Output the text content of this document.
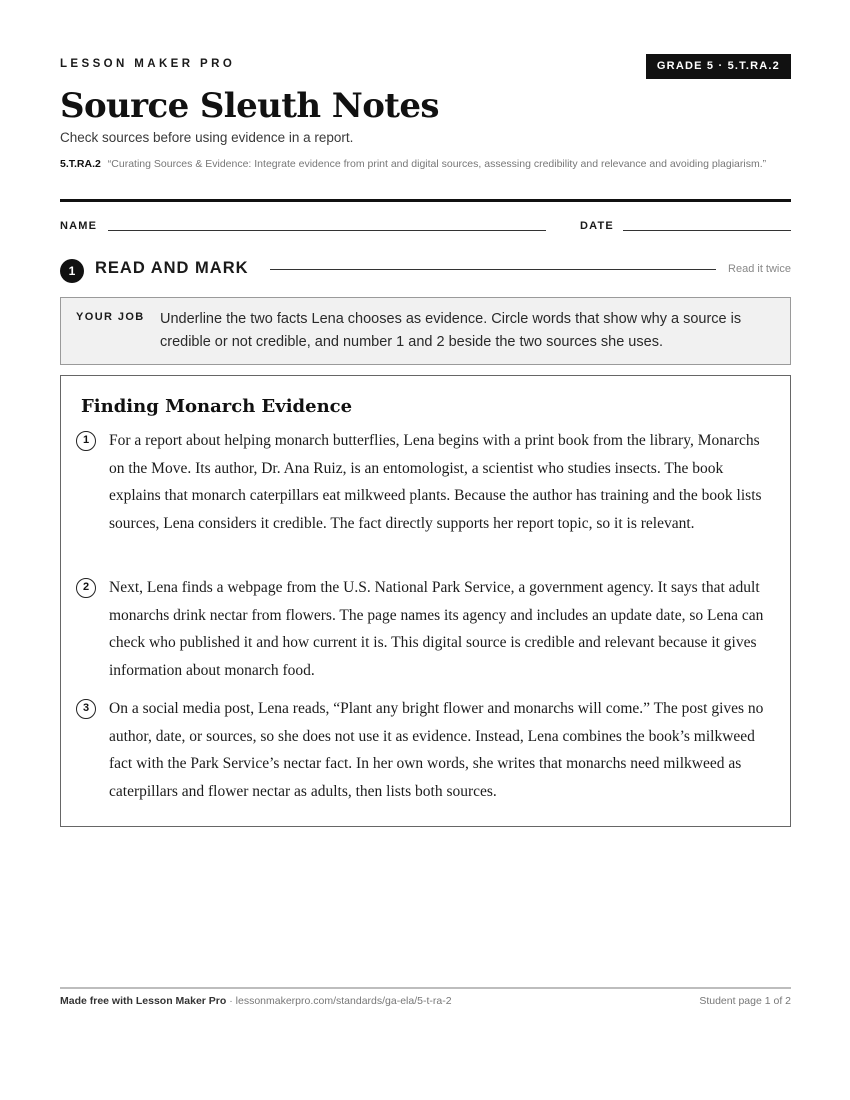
LESSON MAKER PRO	GRADE 5 · 5.T.RA.2
Source Sleuth Notes
Check sources before using evidence in a report.
5.T.RA.2 “Curating Sources & Evidence: Integrate evidence from print and digital sources, assessing credibility and relevance and avoiding plagiarism.”
NAME	DATE
1	READ AND MARK	Read it twice
YOUR JOB Underline the two facts Lena chooses as evidence. Circle words that show why a source is credible or not credible, and number 1 and 2 beside the two sources she uses.
Finding Monarch Evidence
1	For a report about helping monarch butterflies, Lena begins with a print book from the library, Monarchs on the Move. Its author, Dr. Ana Ruiz, is an entomologist, a scientist who studies insects. The book explains that monarch caterpillars eat milkweed plants. Because the author has training and the book lists sources, Lena considers it credible. The fact directly supports her report topic, so it is relevant.

2	Next, Lena finds a webpage from the U.S. National Park Service, a government agency. It says that adult monarchs drink nectar from flowers. The page names its agency and includes an update date, so Lena can check who published it and how current it is. This digital source is credible and relevant because it gives information about monarch food.

3	On a social media post, Lena reads, “Plant any bright flower and monarchs will come.” The post gives no author, date, or sources, so she does not use it as evidence. Instead, Lena combines the book’s milkweed fact with the Park Service’s nectar fact. In her own words, she writes that monarchs need milkweed as caterpillars and flower nectar as adults, then lists both sources.

Made free with Lesson Maker Pro · lessonmakerpro.com/standards/ga-ela/5-t-ra-2	Student page 1 of 2
